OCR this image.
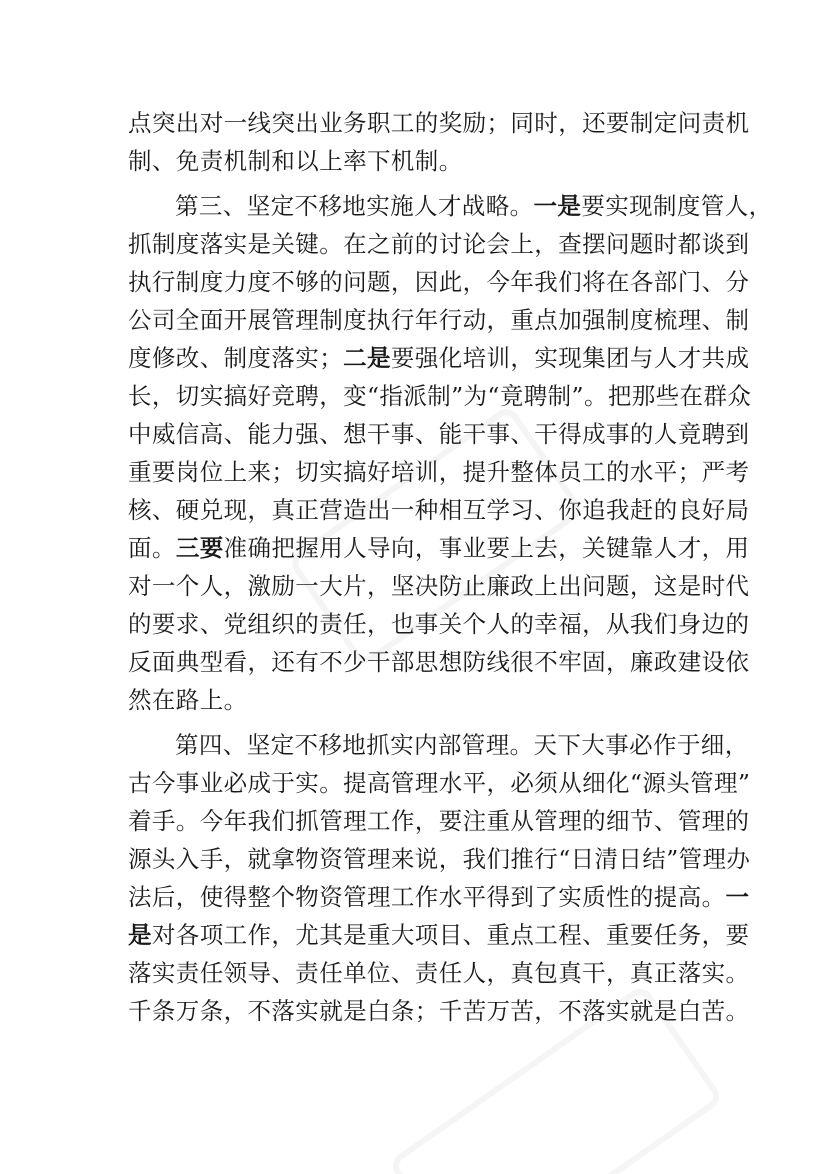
点突出对一线突出业务职工的奖励；同时，还要制定问责机
制、免责机制和以上率下机制。
第三、坚定不移地实施人才战略。一是要实现制度管人，
抓制度落实是关键。在之前的讨论会上，查摆问题时都谈到
执行制度力度不够的问题，因此，今年我们将在各部门、分
公司全面开展管理制度执行年行动，重点加强制度梳理、制
度修改、制度落实；二是要强化培训，实现集团与人才共成
长，切实搞好竞聘，变“指派制”为“竟聘制”。把那些在群众
中威信高、能力强、想干事、能干事、干得成事的人竟聘到
重要岗位上来；切实搞好培训，提升整体员工的水平；严考
核、硬兑现，真正营造出一种相互学习、你追我赶的良好局
面。三要准确把握用人导向，事业要上去，关键靠人才，用
对一个人，激励一大片，坚决防止廉政上出问题，这是时代
的要求、党组织的责任，也事关个人的幸福，从我们身边的
反面典型看，还有不少干部思想防线很不牢固，廉政建设依
然在路上。
第四、坚定不移地抓实内部管理。天下大事必作于细，
古今事业必成于实。提高管理水平，必须从细化“源头管理”
着手。今年我们抓管理工作，要注重从管理的细节、管理的
源头入手，就拿物资管理来说，我们推行“日清日结”管理办
法后，使得整个物资管理工作水平得到了实质性的提高。一
是对各项工作，尤其是重大项目、重点工程、重要任务，要
落实责任领导、责任单位、责任人，真包真干，真正落实。
千条万条，不落实就是白条；千苦万苦，不落实就是白苦。
